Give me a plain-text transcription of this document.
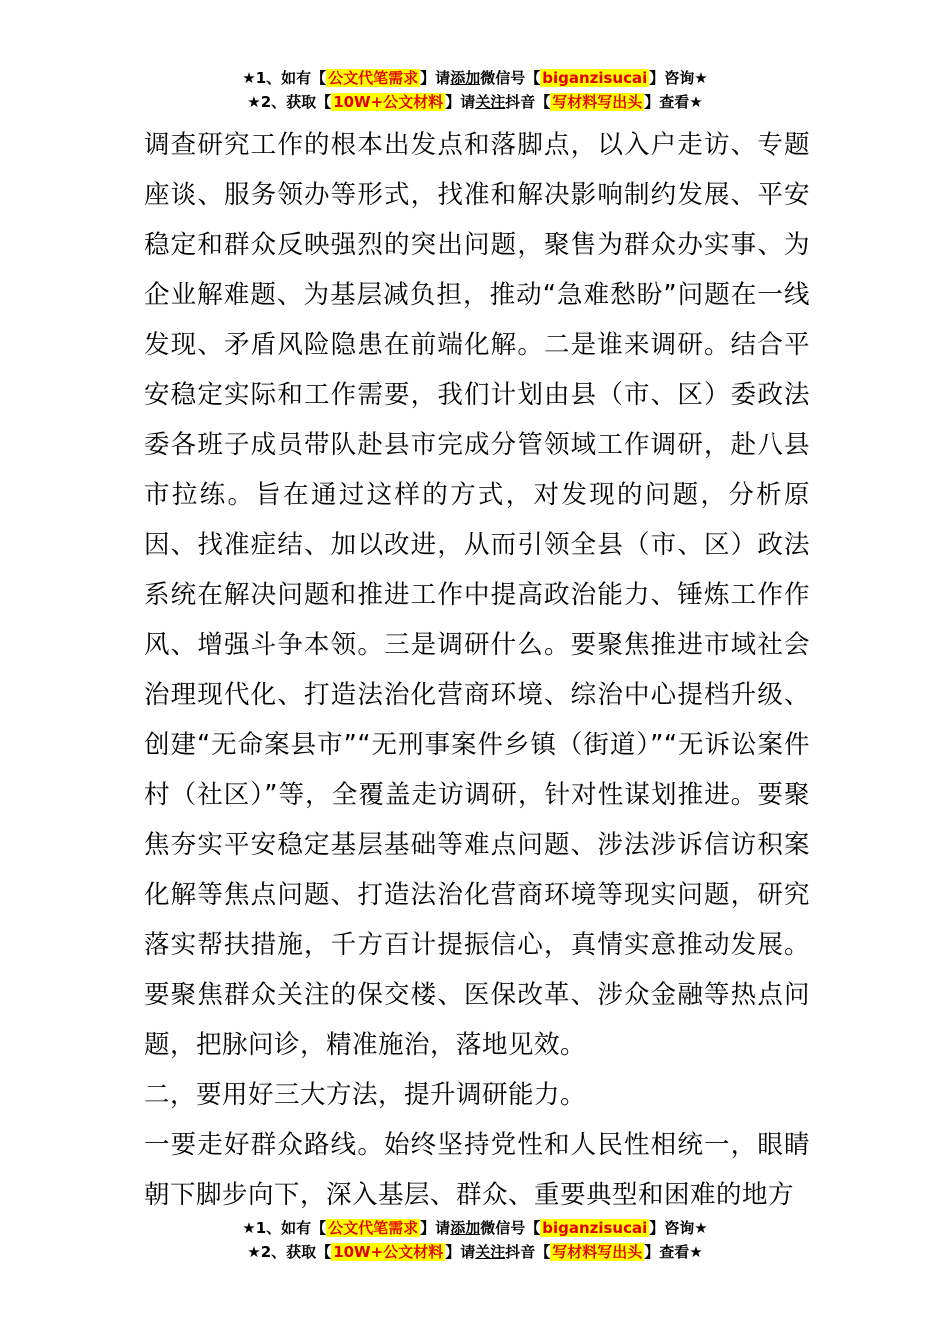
★1、如有【 公文代笔需求 】请添加微信号【 biganzisucai 】咨询★
★2、获取【 10W+公文材料 】请关注抖音【 写材料写出头 】查看★

调查研究工作的根本出发点和落脚点，以入户走访、专题座谈、服务领办等形式，找准和解决影响制约发展、平安稳定和群众反映强烈的突出问题，聚售为群众办实事、为企业解难题、为基层减负担，推动“急难愁盼”问题在一线发现、矛盾风险隐患在前端化解。二是谁来调研。结合平安稳定实际和工作需要，我们计划由县（市、区）委政法委各班子成员带队赴县市完成分管领域工作调研，赴八县市拉练。旨在通过这样的方式，对发现的问题，分析原因、找准症结、加以改进，从而引领全县（市、区）政法系统在解决问题和推进工作中提高政治能力、锤炼工作作风、增强斗争本领。三是调研什么。要聚焦推进市域社会治理现代化、打造法治化营商环境、综治中心提档升级、创建“无命案县市”“无刑事案件乡镇（街道）”“无诉讼案件村（社区）”等，全覆盖走访调研，针对性谋划推进。要聚焦夯实平安稳定基层基础等难点问题、涉法涉诉信访积案化解等焦点问题、打造法治化营商环境等现实问题，研究落实帮扶措施，千方百计提振信心，真情实意推动发展。要聚焦群众关注的保交楼、医保改革、涉众金融等热点问题，把脉问诊，精准施治，落地见效。

二，要用好三大方法，提升调研能力。

一要走好群众路线。始终坚持党性和人民性相统一，眼睛朝下脚步向下，深入基层、群众、重要典型和困难的地方

★1、如有【 公文代笔需求 】请添加微信号【 biganzisucai 】咨询★
★2、获取【 10W+公文材料 】请关注抖音【 写材料写出头 】查看★
